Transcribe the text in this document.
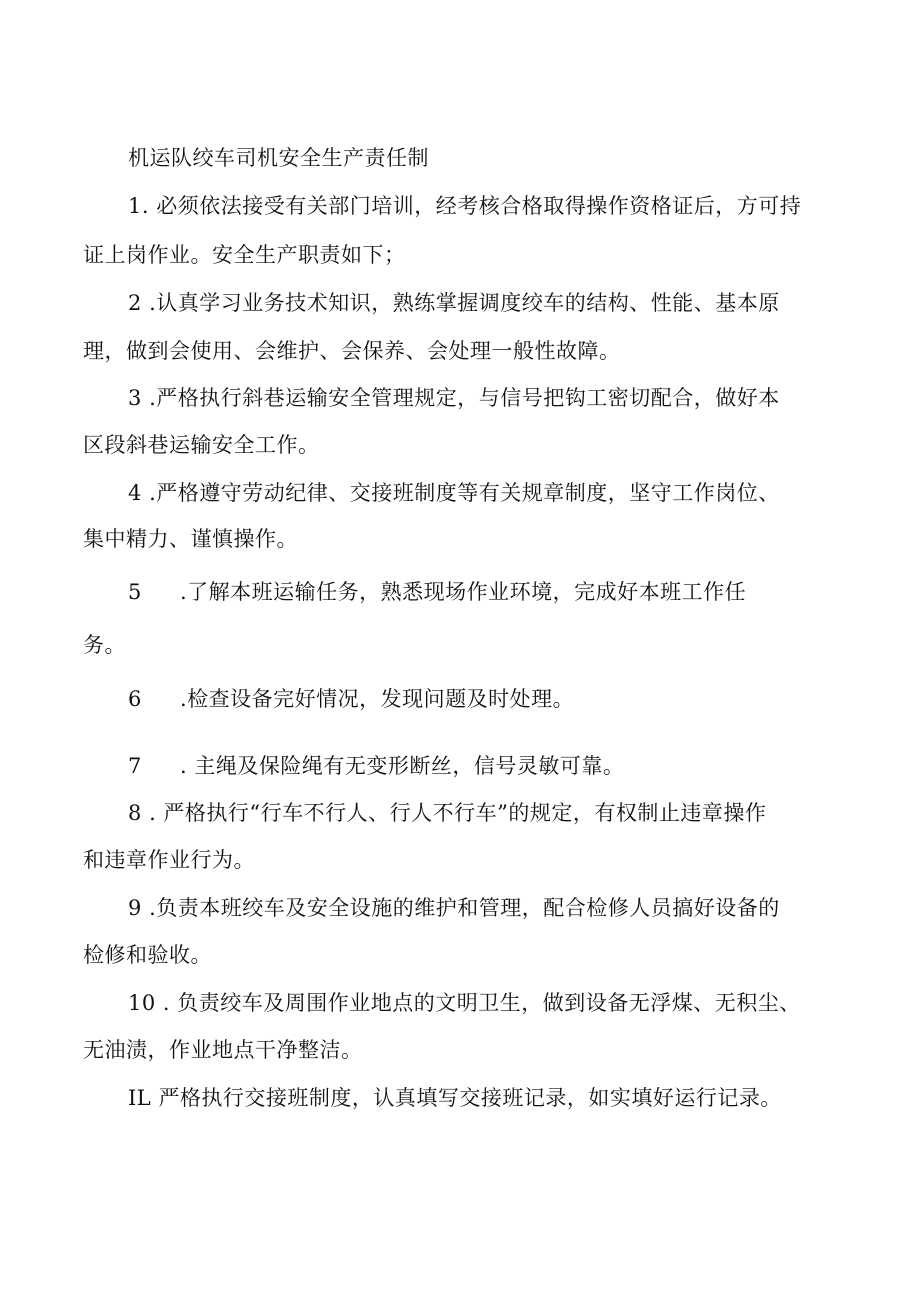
机运队绞车司机安全生产责任制
1. 必须依法接受有关部门培训，经考核合格取得操作资格证后，方可持
证上岗作业。安全生产职责如下；
2 .认真学习业务技术知识，熟练掌握调度绞车的结构、性能、基本原
理，做到会使用、会维护、会保养、会处理一般性故障。
3 .严格执行斜巷运输安全管理规定，与信号把钩工密切配合，做好本
区段斜巷运输安全工作。
4 .严格遵守劳动纪律、交接班制度等有关规章制度，坚守工作岗位、
集中精力、谨慎操作。
5 .了解本班运输任务，熟悉现场作业环境，完成好本班工作任
务。
6 .检查设备完好情况，发现问题及时处理。
7 . 主绳及保险绳有无变形断丝，信号灵敏可靠。
8 . 严格执行“行车不行人、行人不行车”的规定，有权制止违章操作
和违章作业行为。
9 .负责本班绞车及安全设施的维护和管理，配合检修人员搞好设备的
检修和验收。
10 . 负责绞车及周围作业地点的文明卫生，做到设备无浮煤、无积尘、
无油渍，作业地点干净整洁。
IL 严格执行交接班制度，认真填写交接班记录，如实填好运行记录。
